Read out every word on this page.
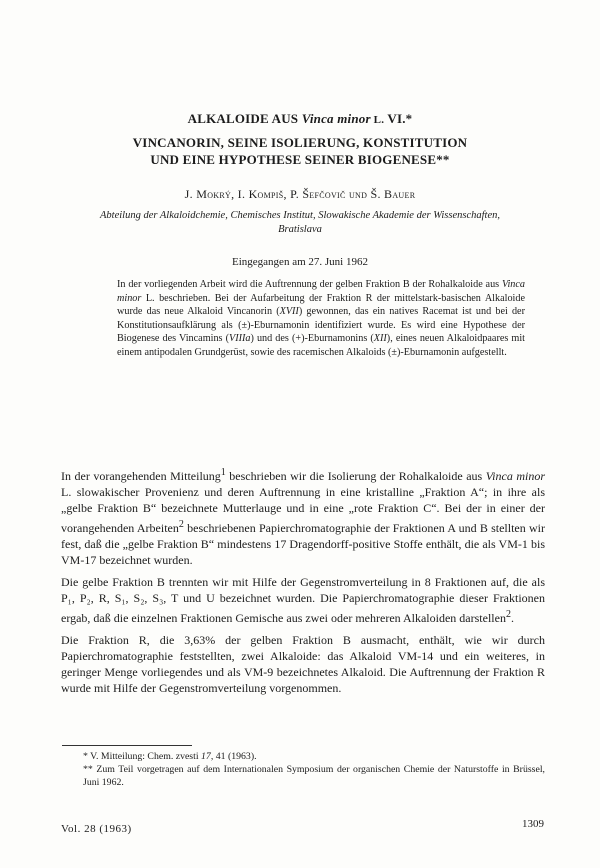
ALKALOIDE AUS Vinca minor L. VI.*
VINCANORIN, SEINE ISOLIERUNG, KONSTITUTION
UND EINE HYPOTHESE SEINER BIOGENESE**
J. Mokrý, I. Kompiš, P. Šefčovič und Š. Bauer
Abteilung der Alkaloidchemie, Chemisches Institut, Slowakische Akademie der Wissenschaften,
Bratislava
Eingegangen am 27. Juni 1962
In der vorliegenden Arbeit wird die Auftrennung der gelben Fraktion B der Rohalkaloide aus Vinca minor L. beschrieben. Bei der Aufarbeitung der Fraktion R der mittelstark-basischen Alkaloide wurde das neue Alkaloid Vincanorin (XVII) gewonnen, das ein natives Racemat ist und bei der Konstitutionsaufklärung als (±)-Eburnamonin identifiziert wurde. Es wird eine Hypothese der Biogenese des Vincamins (VIIIa) und des (+)-Eburnamonins (XII), eines neuen Alkaloidpaares mit einem antipodalen Grundgerüst, sowie des racemischen Alkaloids (±)-Eburnamonin aufgestellt.

In der vorangehenden Mitteilung$^1$ beschrieben wir die Isolierung der Rohalkaloide aus Vinca minor L. slowakischer Provenienz und deren Auftrennung in eine kristalline „Fraktion A“; in ihre als „gelbe Fraktion B“ bezeichnete Mutterlauge und in eine „rote Fraktion C“. Bei der in einer der vorangehenden Arbeiten$^2$ beschriebenen Papierchromatographie der Fraktionen A und B stellten wir fest, daß die „gelbe Fraktion B“ mindestens 17 Dragendorff-positive Stoffe enthält, die als VM-1 bis VM-17 bezeichnet wurden.

Die gelbe Fraktion B trennten wir mit Hilfe der Gegenstromverteilung in 8 Fraktionen auf, die als P₁, P₂, R, S₁, S₂, S₃, T und U bezeichnet wurden. Die Papierchromatographie dieser Fraktionen ergab, daß die einzelnen Fraktionen Gemische aus zwei oder mehreren Alkaloiden darstellen$^2$.

Die Fraktion R, die 3,63% der gelben Fraktion B ausmacht, enthält, wie wir durch Papierchromatographie feststellten, zwei Alkaloide: das Alkaloid VM-14 und ein weiteres, in geringer Menge vorliegendes und als VM-9 bezeichnetes Alkaloid. Die Auftrennung der Fraktion R wurde mit Hilfe der Gegenstromverteilung vorgenommen.

* V. Mitteilung: Chem. zvesti 17, 41 (1963).

** Zum Teil vorgetragen auf dem Internationalen Symposium der organischen Chemie der Naturstoffe in Brüssel, Juni 1962.

Vol. 28 (1963)	1309
